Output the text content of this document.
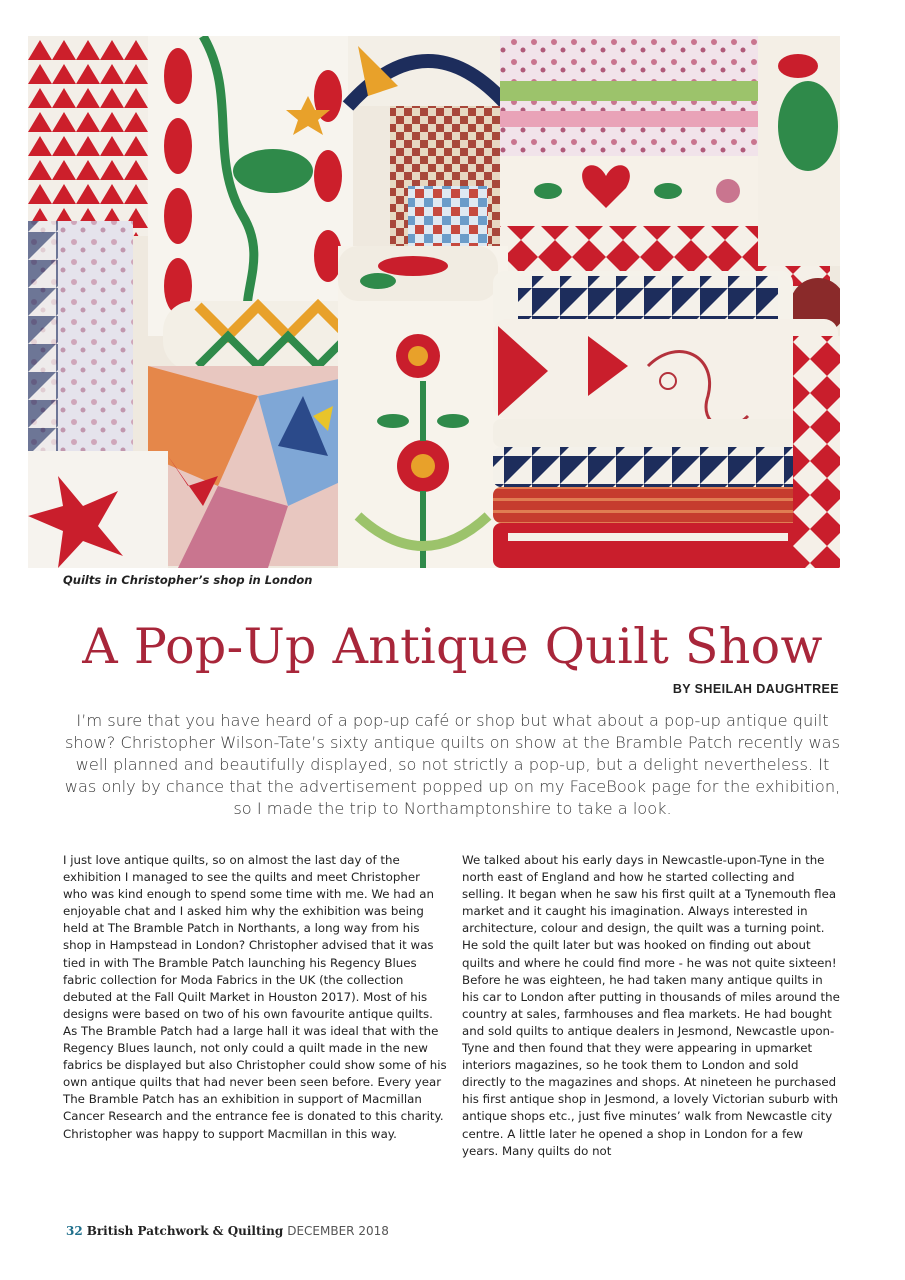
Quilts in Christopher’s shop in London
A Pop-Up Antique Quilt Show
BY SHEILAH DAUGHTREE
I’m sure that you have heard of a pop-up café or shop but what about a pop-up antique quilt show? Christopher Wilson-Tate’s sixty antique quilts on show at the Bramble Patch recently was well planned and beautifully displayed, so not strictly a pop-up, but a delight nevertheless. It was only by chance that the advertisement popped up on my FaceBook page for the exhibition, so I made the trip to Northamptonshire to take a look.
I just love antique quilts, so on almost the last day of the exhibition I managed to see the quilts and meet Christopher who was kind enough to spend some time with me. We had an enjoyable chat and I asked him why the exhibition was being held at The Bramble Patch in Northants, a long way from his shop in Hampstead in London? Christopher advised that it was tied in with The Bramble Patch launching his Regency Blues fabric collection for Moda Fabrics in the UK (the collection debuted at the Fall Quilt Market in Houston 2017). Most of his designs were based on two of his own favourite antique quilts. As The Bramble Patch had a large hall it was ideal that with the Regency Blues launch, not only could a quilt made in the new fabrics be displayed but also Christopher could show some of his own antique quilts that had never been seen before. Every year The Bramble Patch has an exhibition in support of Macmillan Cancer Research and the entrance fee is donated to this charity. Christopher was happy to support Macmillan in this way.
We talked about his early days in Newcastle-upon-Tyne in the north east of England and how he started collecting and selling. It began when he saw his first quilt at a Tynemouth flea market and it caught his imagination. Always interested in architecture, colour and design, the quilt was a turning point. He sold the quilt later but was hooked on finding out about quilts and where he could find more - he was not quite sixteen! Before he was eighteen, he had taken many antique quilts in his car to London after putting in thousands of miles around the country at sales, farmhouses and flea markets. He had bought and sold quilts to antique dealers in Jesmond, Newcastle upon-Tyne and then found that they were appearing in upmarket interiors magazines, so he took them to London and sold directly to the magazines and shops. At nineteen he purchased his first antique shop in Jesmond, a lovely Victorian suburb with antique shops etc., just five minutes’ walk from Newcastle city centre. A little later he opened a shop in London for a few years. Many quilts do not
32 British Patchwork & Quilting DECEMBER 2018
